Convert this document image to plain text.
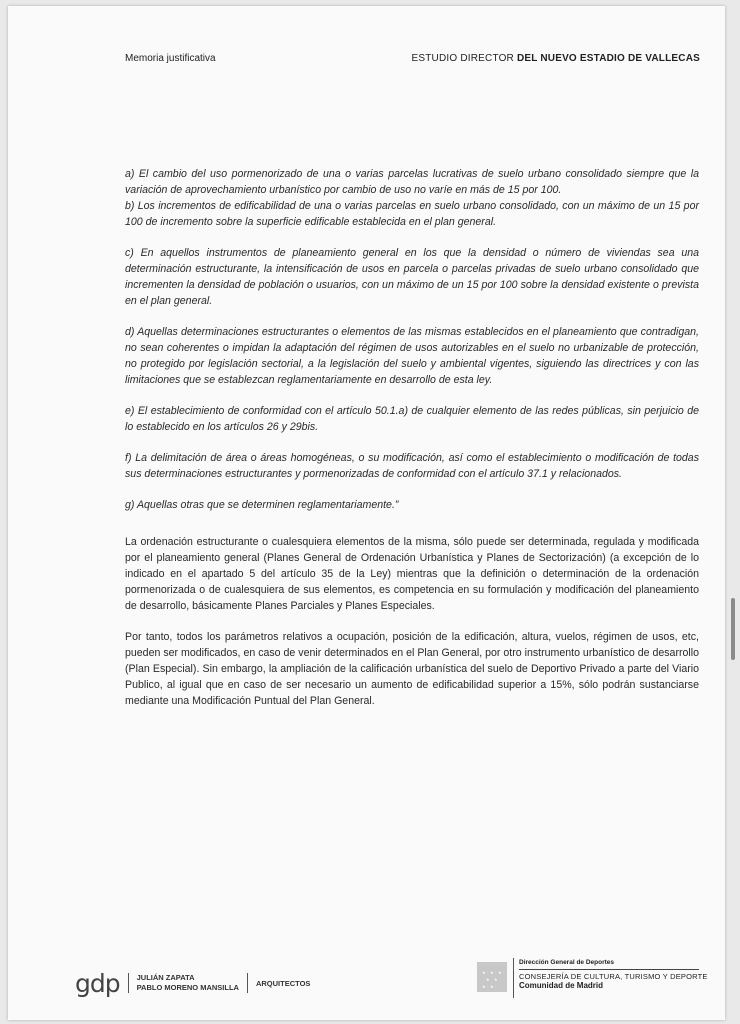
Memoria justificativa	ESTUDIO DIRECTOR DEL NUEVO ESTADIO DE VALLECAS

a) El cambio del uso pormenorizado de una o varias parcelas lucrativas de suelo urbano consolidado siempre que la variación de aprovechamiento urbanístico por cambio de uso no varíe en más de 15 por 100.

b) Los incrementos de edificabilidad de una o varias parcelas en suelo urbano consolidado, con un máximo de un 15 por 100 de incremento sobre la superficie edificable establecida en el plan general.

c) En aquellos instrumentos de planeamiento general en los que la densidad o número de viviendas sea una determinación estructurante, la intensificación de usos en parcela o parcelas privadas de suelo urbano consolidado que incrementen la densidad de población o usuarios, con un máximo de un 15 por 100 sobre la densidad existente o prevista en el plan general.

d) Aquellas determinaciones estructurantes o elementos de las mismas establecidos en el planeamiento que contradigan, no sean coherentes o impidan la adaptación del régimen de usos autorizables en el suelo no urbanizable de protección, no protegido por legislación sectorial, a la legislación del suelo y ambiental vigentes, siguiendo las directrices y con las limitaciones que se establezcan reglamentariamente en desarrollo de esta ley.

e) El establecimiento de conformidad con el artículo 50.1.a) de cualquier elemento de las redes públicas, sin perjuicio de lo establecido en los artículos 26 y 29bis.

f) La delimitación de área o áreas homogéneas, o su modificación, así como el establecimiento o modificación de todas sus determinaciones estructurantes y pormenorizadas de conformidad con el artículo 37.1 y relacionados.

g) Aquellas otras que se determinen reglamentariamente.”

La ordenación estructurante o cualesquiera elementos de la misma, sólo puede ser determinada, regulada y modificada por el planeamiento general (Planes General de Ordenación Urbanística y Planes de Sectorización) (a excepción de lo indicado en el apartado 5 del artículo 35 de la Ley) mientras que la definición o determinación de la ordenación pormenorizada o de cualesquiera de sus elementos, es competencia en su formulación y modificación del planeamiento de desarrollo, básicamente Planes Parciales y Planes Especiales.

Por tanto, todos los parámetros relativos a ocupación, posición de la edificación, altura, vuelos, régimen de usos, etc, pueden ser modificados, en caso de venir determinados en el Plan General, por otro instrumento urbanístico de desarrollo (Plan Especial). Sin embargo, la ampliación de la calificación urbanística del suelo de Deportivo Privado a parte del Viario Publico, al igual que en caso de ser necesario un aumento de edificabilidad superior a 15%, sólo podrán sustanciarse mediante una Modificación Puntual del Plan General.

gdp JULIÁN ZAPATA
PABLO MORENO MANSILLA ARQUITECTOS
★ ★ ★
★ ★
★ ★
Dirección General de Deportes
CONSEJERÍA DE CULTURA, TURISMO Y DEPORTE
Comunidad de Madrid
